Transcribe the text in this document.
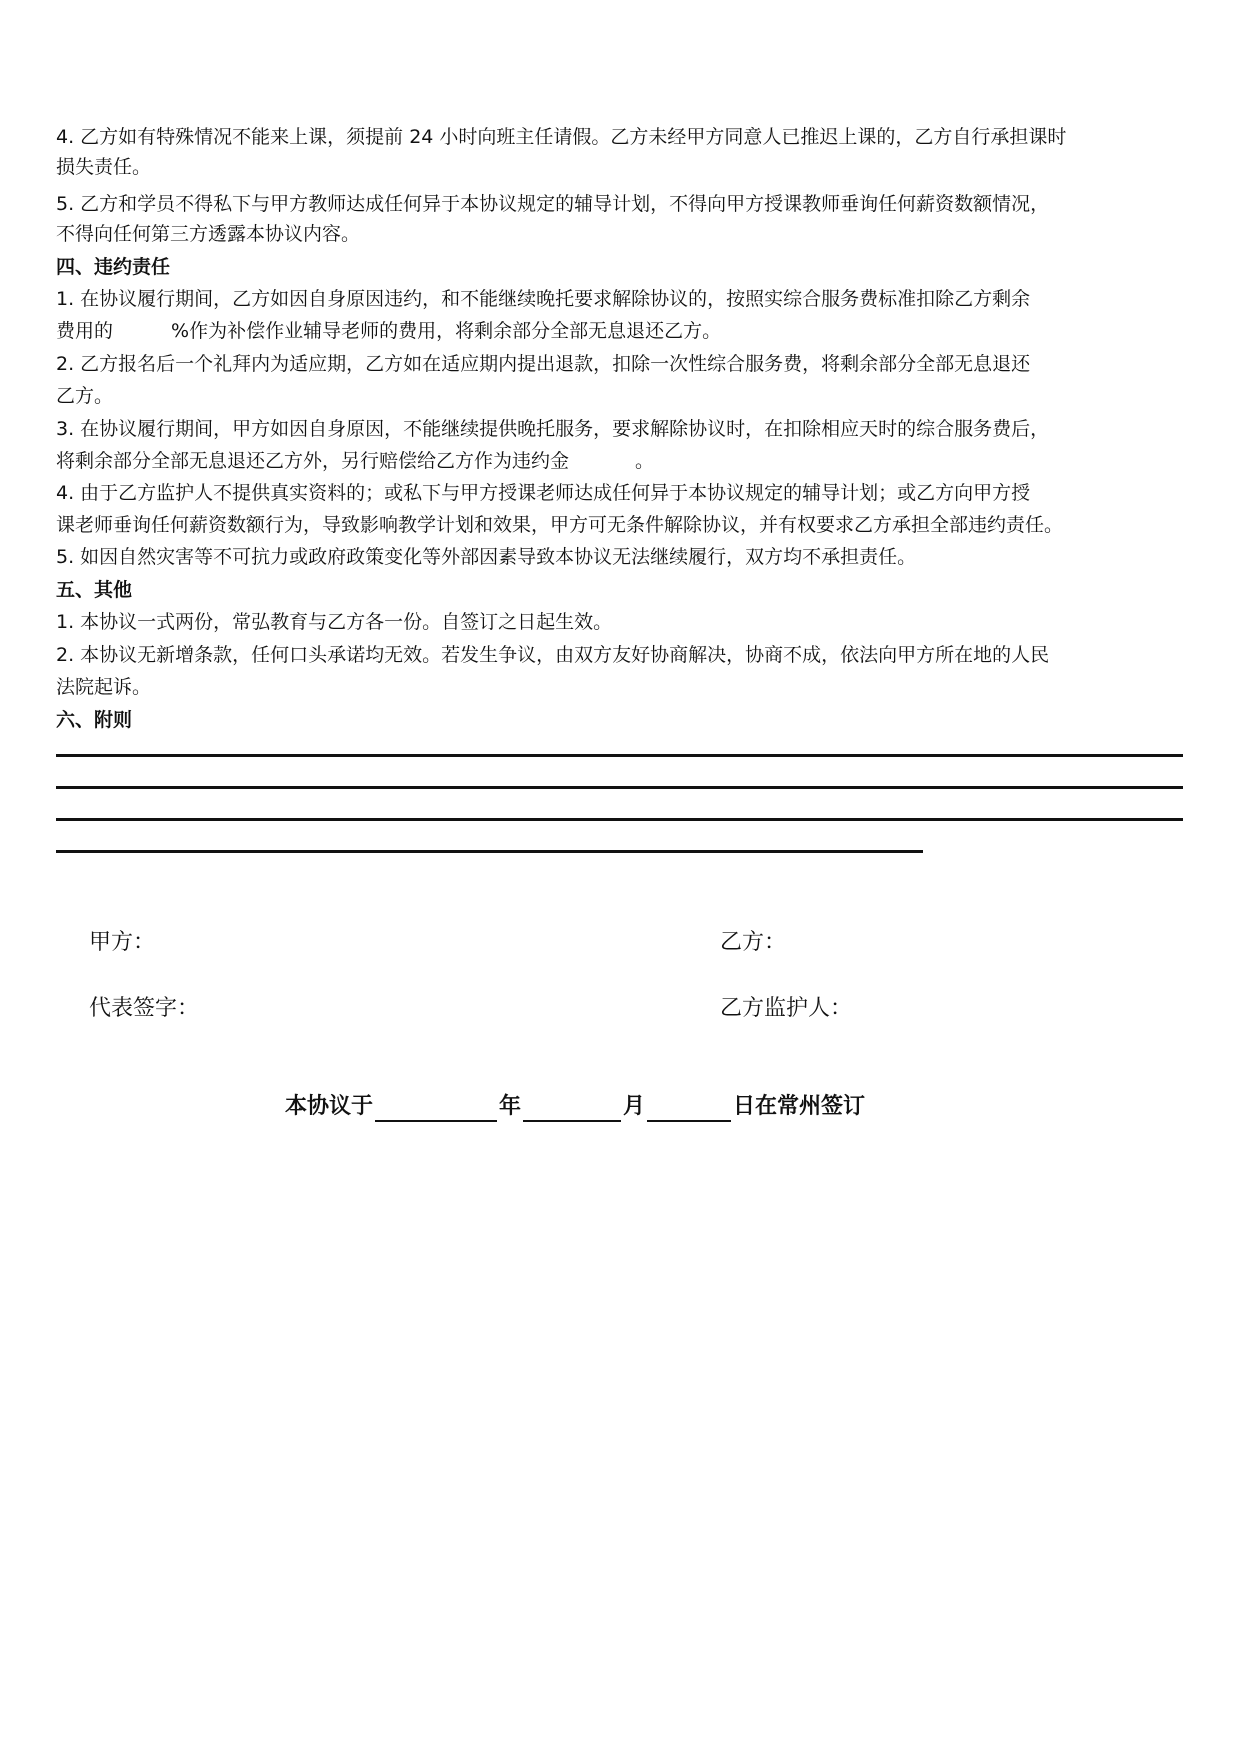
4. 乙方如有特殊情况不能来上课，须提前 24 小时向班主任请假。乙方未经甲方同意人已推迟上课的，乙方自行承担课时
损失责任。
5. 乙方和学员不得私下与甲方教师达成任何异于本协议规定的辅导计划，不得向甲方授课教师垂询任何薪资数额情况，
不得向任何第三方透露本协议内容。
四、违约责任
1. 在协议履行期间，乙方如因自身原因违约，和不能继续晚托要求解除协议的，按照实综合服务费标准扣除乙方剩余
费用的	%作为补偿作业辅导老师的费用，将剩余部分全部无息退还乙方。
2. 乙方报名后一个礼拜内为适应期，乙方如在适应期内提出退款，扣除一次性综合服务费，将剩余部分全部无息退还
乙方。
3. 在协议履行期间，甲方如因自身原因，不能继续提供晚托服务，要求解除协议时，在扣除相应天时的综合服务费后，
将剩余部分全部无息退还乙方外，另行赔偿给乙方作为违约金	。
4. 由于乙方监护人不提供真实资料的；或私下与甲方授课老师达成任何异于本协议规定的辅导计划；或乙方向甲方授
课老师垂询任何薪资数额行为，导致影响教学计划和效果，甲方可无条件解除协议，并有权要求乙方承担全部违约责任。
5. 如因自然灾害等不可抗力或政府政策变化等外部因素导致本协议无法继续履行，双方均不承担责任。
五、其他
1. 本协议一式两份，常弘教育与乙方各一份。自签订之日起生效。
2. 本协议无新增条款，任何口头承诺均无效。若发生争议，由双方友好协商解决，协商不成，依法向甲方所在地的人民
法院起诉。
六、附则
甲方：	乙方：
代表签字：	乙方监护人：
本协议于	年	月	日在常州签订
